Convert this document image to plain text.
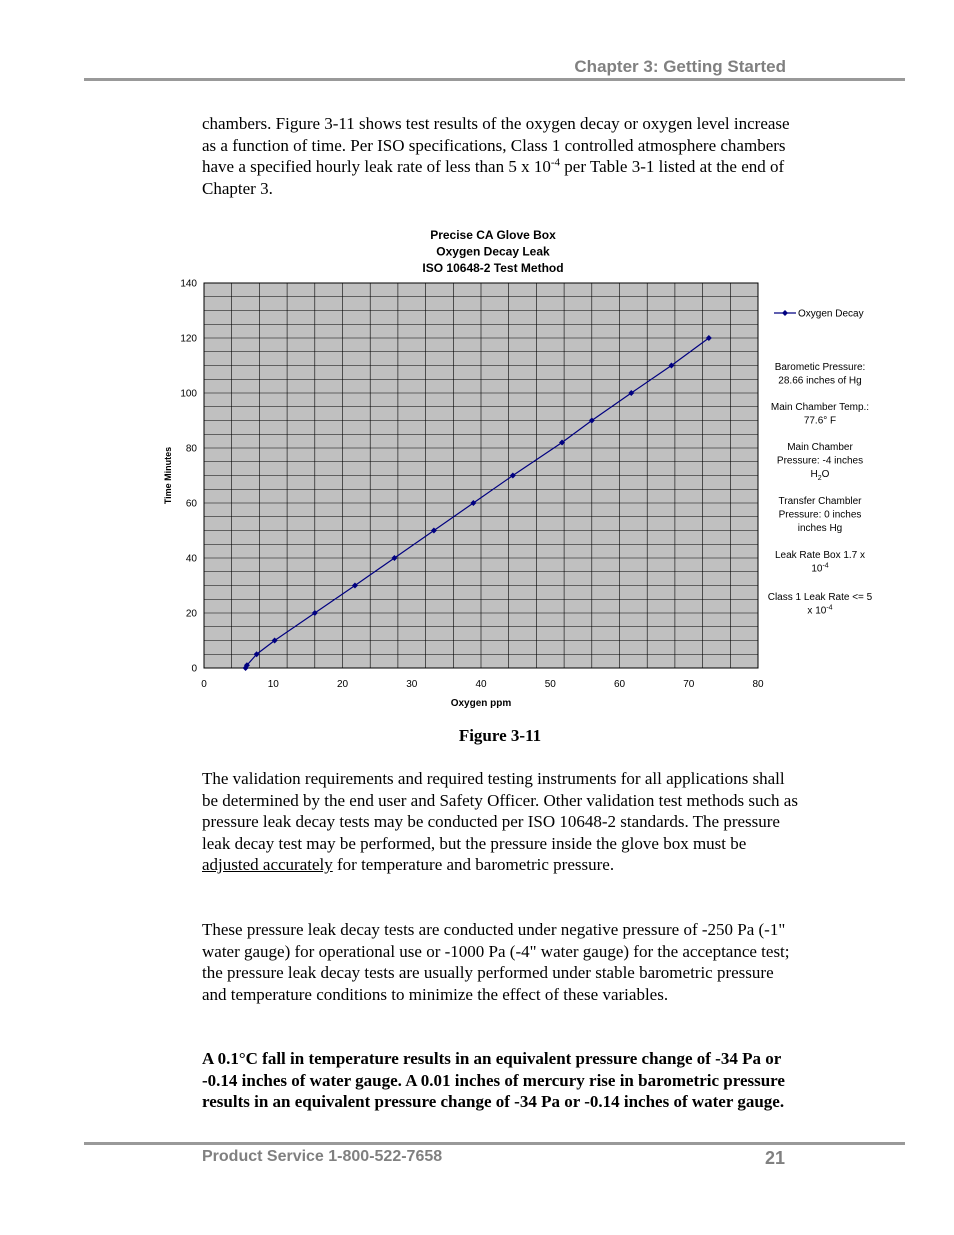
Chapter 3: Getting Started

chambers. Figure 3-11 shows test results of the oxygen decay or oxygen level increase as a function of time. Per ISO specifications, Class 1 controlled atmosphere chambers have a specified hourly leak rate of less than 5 x $10^{-4}$ per Table 3-1 listed at the end of Chapter 3.

0
20
40
60
80
100
120
140
0	10	20	30	40	50	60	70	80
Oxygen ppm
Time Minutes
Precise CA Glove Box
Oxygen Decay Leak
ISO 10648-2 Test Method
Oxygen Decay
Barometic Pressure:
28.66 inches of Hg
Main Chamber Temp.:
77.6° F
Main Chamber
Pressure: -4 inches
$H_2O$
Transfer Chambler
Pressure: 0 inches
inches Hg
Leak Rate Box 1.7 x
$10^{-4}$
Class 1 Leak Rate <= 5
x $10^{-4}$
Figure 3-11

The validation requirements and required testing instruments for all applications shall be determined by the end user and Safety Officer. Other validation test methods such as pressure leak decay tests may be conducted per ISO 10648-2 standards. The pressure leak decay test may be performed, but the pressure inside the glove box must be adjusted accurately for temperature and barometric pressure.

These pressure leak decay tests are conducted under negative pressure of -250 Pa (-1" water gauge) for operational use or -1000 Pa (-4" water gauge) for the acceptance test; the pressure leak decay tests are usually performed under stable barometric pressure and temperature conditions to minimize the effect of these variables.

A 0.1°C fall in temperature results in an equivalent pressure change of -34 Pa or -0.14 inches of water gauge. A 0.01 inches of mercury rise in barometric pressure results in an equivalent pressure change of -34 Pa or -0.14 inches of water gauge.

Product Service 1-800-522-7658	21
